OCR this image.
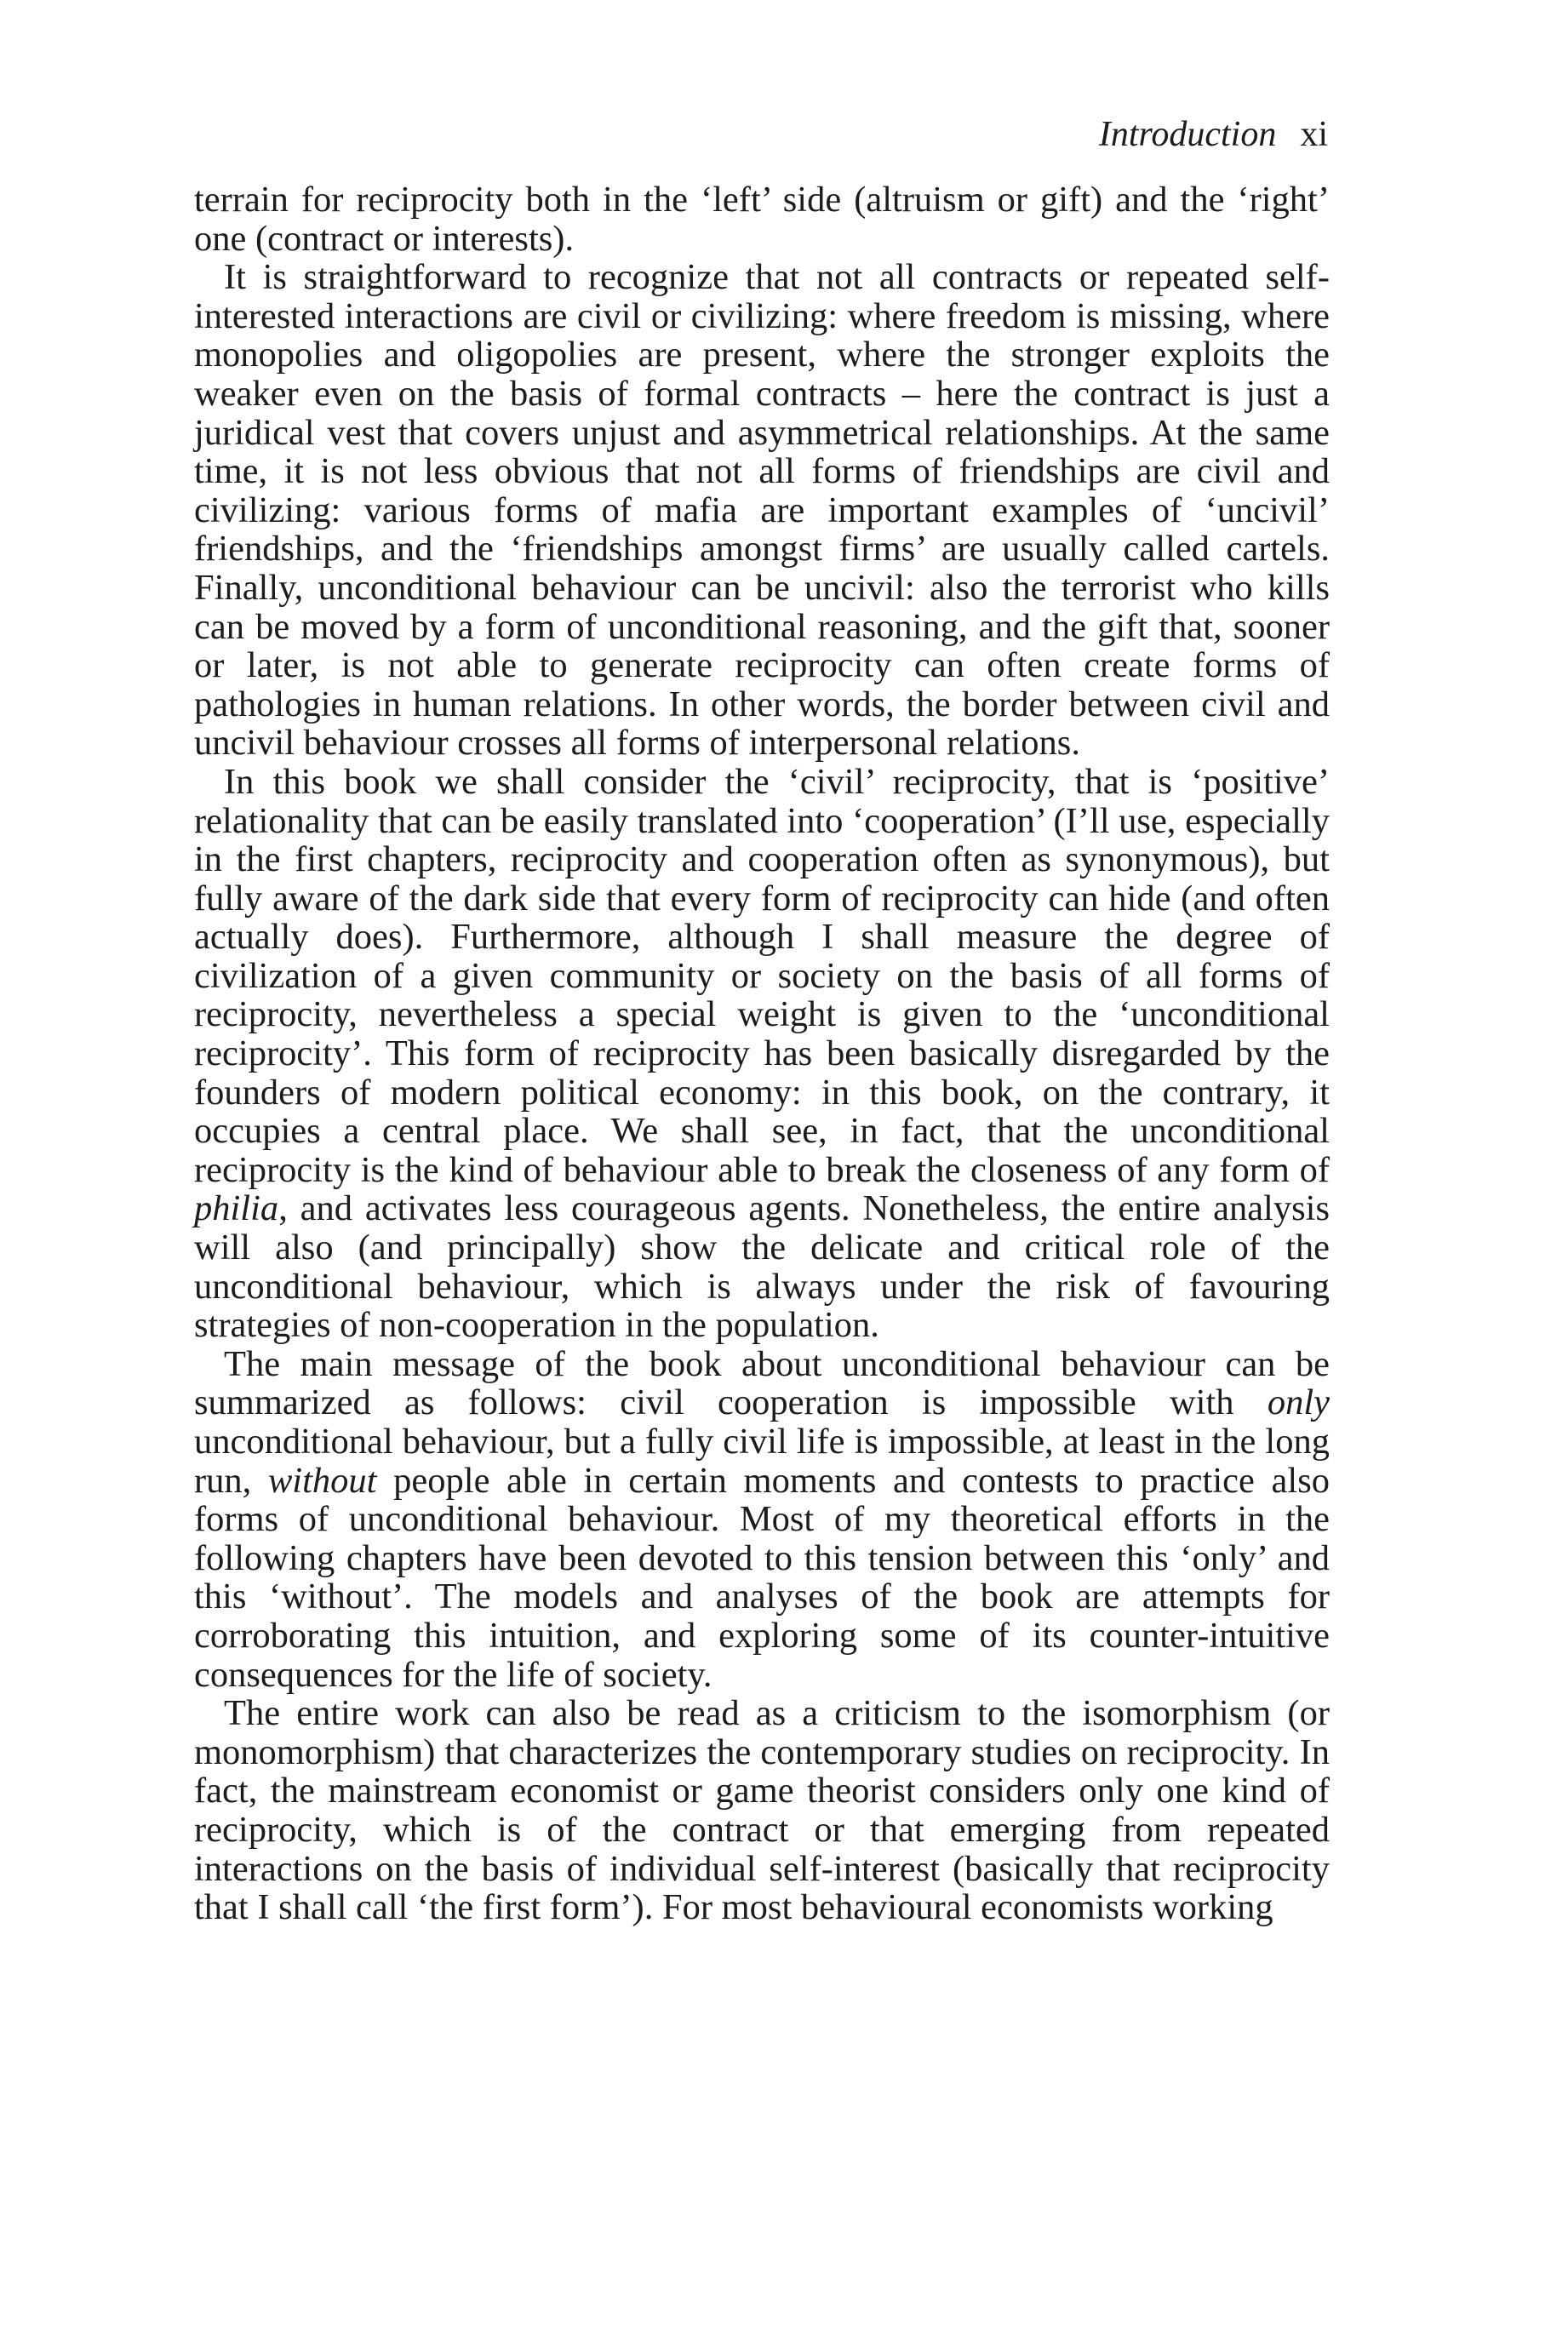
Introduction xi

terrain for reciprocity both in the ‘left’ side (altruism or gift) and the ‘right’ one (contract or interests).

It is straightforward to recognize that not all contracts or repeated self-interested interactions are civil or civilizing: where freedom is missing, where monopolies and oligopolies are present, where the stronger exploits the weaker even on the basis of formal contracts – here the contract is just a juridical vest that covers unjust and asymmetrical relationships. At the same time, it is not less obvious that not all forms of friendships are civil and civilizing: various forms of mafia are important examples of ‘uncivil’ friendships, and the ‘friendships amongst firms’ are usually called cartels. Finally, unconditional behaviour can be uncivil: also the terrorist who kills can be moved by a form of unconditional reasoning, and the gift that, sooner or later, is not able to generate reciprocity can often create forms of pathologies in human relations. In other words, the border between civil and uncivil behaviour crosses all forms of interpersonal relations.

In this book we shall consider the ‘civil’ reciprocity, that is ‘positive’ relationality that can be easily translated into ‘cooperation’ (I’ll use, especially in the first chapters, reciprocity and cooperation often as synonymous), but fully aware of the dark side that every form of reciprocity can hide (and often actually does). Furthermore, although I shall measure the degree of civilization of a given community or society on the basis of all forms of reciprocity, nevertheless a special weight is given to the ‘unconditional reciprocity’. This form of reciprocity has been basically disregarded by the founders of modern political economy: in this book, on the contrary, it occupies a central place. We shall see, in fact, that the unconditional reciprocity is the kind of behaviour able to break the closeness of any form of philia, and activates less courageous agents. Nonetheless, the entire analysis will also (and principally) show the delicate and critical role of the unconditional behaviour, which is always under the risk of favouring strategies of non-cooperation in the population.

The main message of the book about unconditional behaviour can be summarized as follows: civil cooperation is impossible with only unconditional behaviour, but a fully civil life is impossible, at least in the long run, without people able in certain moments and contests to practice also forms of unconditional behaviour. Most of my theoretical efforts in the following chapters have been devoted to this tension between this ‘only’ and this ‘without’. The models and analyses of the book are attempts for corroborating this intuition, and exploring some of its counter-intuitive consequences for the life of society.

The entire work can also be read as a criticism to the isomorphism (or monomorphism) that characterizes the contemporary studies on reciprocity. In fact, the mainstream economist or game theorist considers only one kind of reciprocity, which is of the contract or that emerging from repeated interactions on the basis of individual self-interest (basically that reciprocity that I shall call ‘the first form’). For most behavioural economists working
